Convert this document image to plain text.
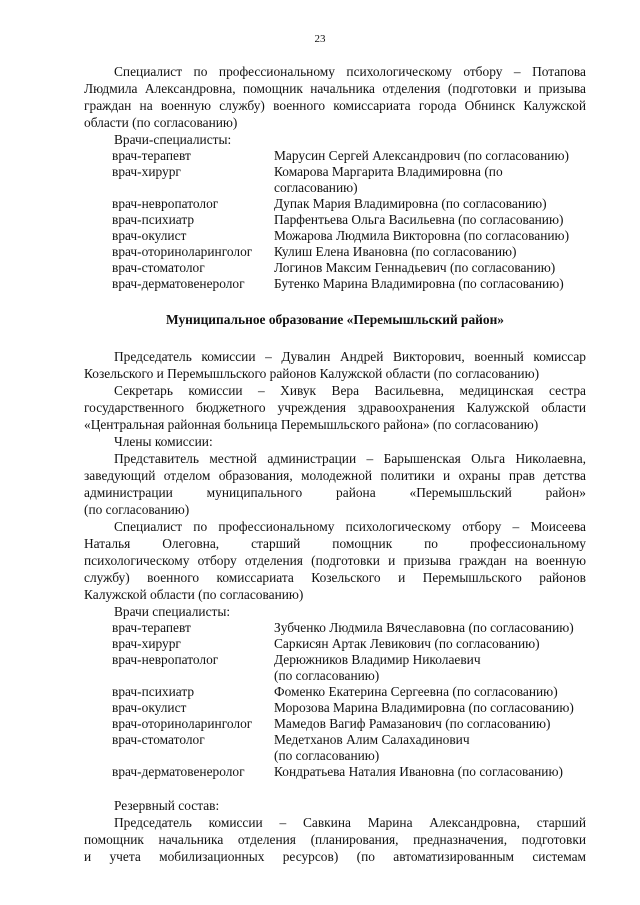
23

Специалист по профессиональному психологическому отбору – Потапова

Людмила Александровна, помощник начальника отделения (подготовки и призыва

граждан на военную службу) военного комиссариата города Обнинск Калужской

области (по согласованию)

Врачи-специалисты:

врач-терапевт	Марусин Сергей Александрович (по согласованию)
врач-хирург	Комарова Маргарита Владимировна (по согласованию)
врач-невропатолог	Дупак Мария Владимировна (по согласованию)
врач-психиатр	Парфентьева Ольга Васильевна (по согласованию)
врач-окулист	Можарова Людмила Викторовна (по согласованию)
врач-оториноларинголог	Кулиш Елена Ивановна (по согласованию)
врач-стоматолог	Логинов Максим Геннадьевич (по согласованию)
врач-дерматовенеролог	Бутенко Марина Владимировна (по согласованию)
Муниципальное образование «Перемышльский район»

Председатель комиссии – Дувалин Андрей Викторович, военный комиссар

Козельского и Перемышльского районов Калужской области (по согласованию)

Секретарь комиссии – Хивук Вера Васильевна, медицинская сестра

государственного бюджетного учреждения здравоохранения Калужской области

«Центральная районная больница Перемышльского района» (по согласованию)

Члены комиссии:

Представитель местной администрации – Барышенская Ольга Николаевна,

заведующий отделом образования, молодежной политики и охраны прав детства

администрации муниципального района «Перемышльский район»

(по согласованию)

Специалист по профессиональному психологическому отбору – Моисеева

Наталья Олеговна, старший помощник по профессиональному

психологическому отбору отделения (подготовки и призыва граждан на военную

службу) военного комиссариата Козельского и Перемышльского районов

Калужской области (по согласованию)

Врачи специалисты:

врач-терапевт	Зубченко Людмила Вячеславовна (по согласованию)
врач-хирург	Саркисян Артак Левикович (по согласованию)
врач-невропатолог	Дерюжников Владимир Николаевич
(по согласованию)
врач-психиатр	Фоменко Екатерина Сергеевна (по согласованию)
врач-окулист	Морозова Марина Владимировна (по согласованию)
врач-оториноларинголог	Мамедов Вагиф Рамазанович (по согласованию)
врач-стоматолог	Медетханов Алим Салахадинович
(по согласованию)
врач-дерматовенеролог	Кондратьева Наталия Ивановна (по согласованию)

Резервный состав:

Председатель комиссии – Савкина Марина Александровна, старший

помощник начальника отделения (планирования, предназначения, подготовки

и учета мобилизационных ресурсов) (по автоматизированным системам
